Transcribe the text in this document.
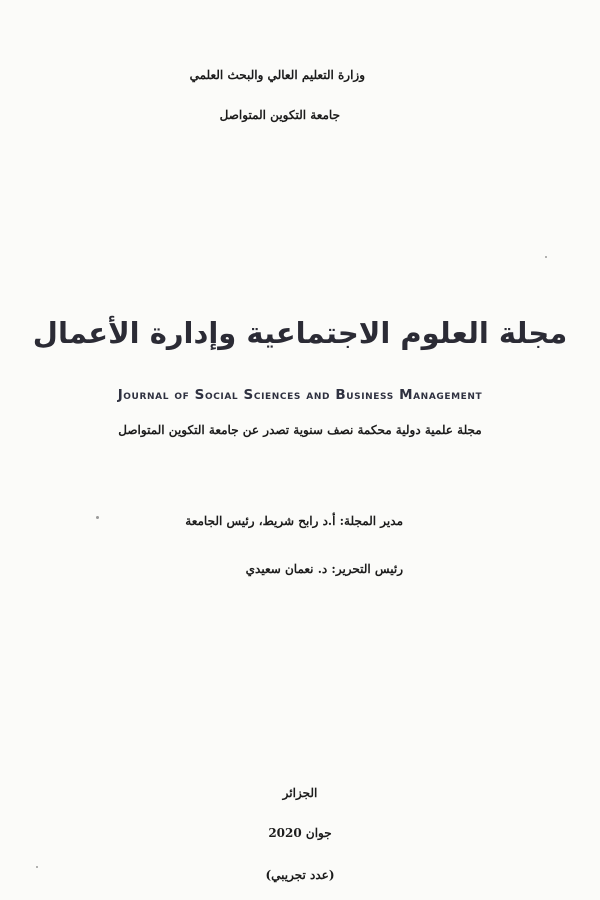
وزارة التعليم العالي والبحث العلمي
جامعة التكوين المتواصل
مجلة العلوم الاجتماعية وإدارة الأعمال
Journal of Social Sciences and Business Management
مجلة علمية دولية محكمة نصف سنوية تصدر عن جامعة التكوين المتواصل
مدير المجلة: أ.د رابح شريط، رئيس الجامعة
رئيس التحرير: د. نعمان سعيدي
الجزائر
جوان 2020
(عدد تجريبي)
